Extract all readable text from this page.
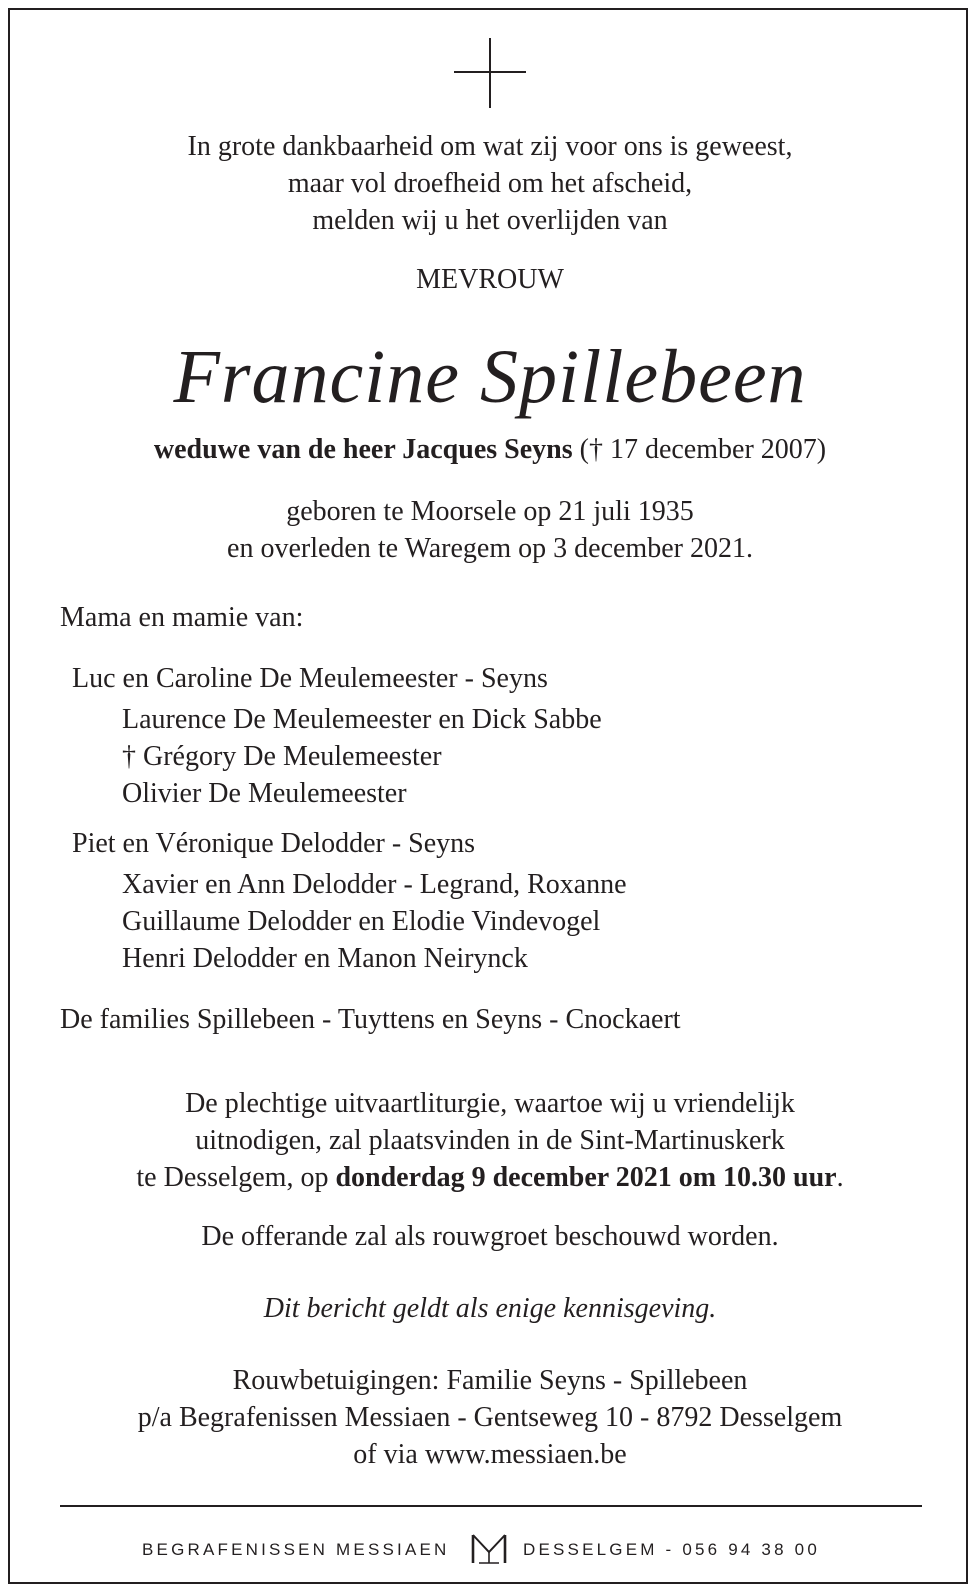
In grote dankbaarheid om wat zij voor ons is geweest,
maar vol droefheid om het afscheid,
melden wij u het overlijden van
MEVROUW
Francine Spillebeen
weduwe van de heer Jacques Seyns († 17 december 2007)
geboren te Moorsele op 21 juli 1935
en overleden te Waregem op 3 december 2021.
Mama en mamie van:
Luc en Caroline De Meulemeester - Seyns
Laurence De Meulemeester en Dick Sabbe
† Grégory De Meulemeester
Olivier De Meulemeester
Piet en Véronique Delodder - Seyns
Xavier en Ann Delodder - Legrand, Roxanne
Guillaume Delodder en Elodie Vindevogel
Henri Delodder en Manon Neirynck
De families Spillebeen - Tuyttens en Seyns - Cnockaert
De plechtige uitvaartliturgie, waartoe wij u vriendelijk
uitnodigen, zal plaatsvinden in de Sint-Martinuskerk
te Desselgem, op donderdag 9 december 2021 om 10.30 uur.
De offerande zal als rouwgroet beschouwd worden.
Dit bericht geldt als enige kennisgeving.
Rouwbetuigingen: Familie Seyns - Spillebeen
p/a Begrafenissen Messiaen - Gentseweg 10 - 8792 Desselgem
of via www.messiaen.be
BEGRAFENISSEN MESSIAEN	DESSELGEM - 056 94 38 00
